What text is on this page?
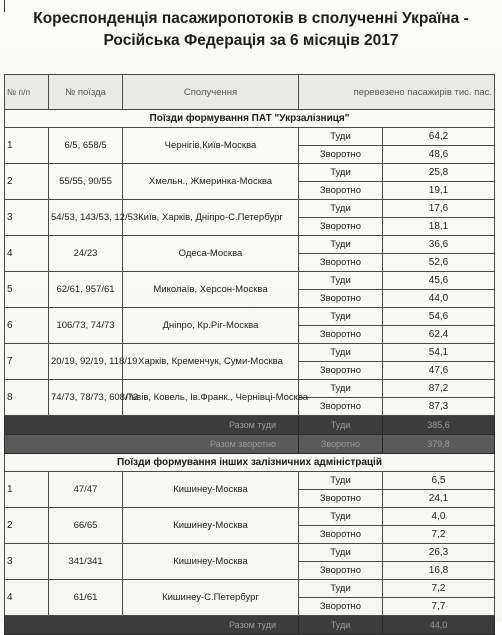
Кореспонденція пасажиропотоків в сполученні Україна -
Російська Федерація за 6 місяців 2017
№ п/п	№ поїзда	Сполучення	перевезено пасажирів тис. пас.	
Поїзди формування ПАТ "Укрзалізниця"				
1	6/5, 658/5	Чернігів,Київ-Москва	Туди	64,2
			Зворотно	48,6
2	55/55, 90/55	Хмельн., Жмеринка-Москва	Туди	25,8
			Зворотно	19,1
3	54/53, 143/53, 12/53	Київ, Харків, Дніпро-С.Петербург	Туди	17,6
			Зворотно	18,1
4	24/23	Одеса-Москва	Туди	36,6
			Зворотно	52,6
5	62/61, 957/61	Миколаїв, Херсон-Москва	Туди	45,6
			Зворотно	44,0
6	106/73, 74/73	Дніпро, Кр.Ріг-Москва	Туди	54,6
			Зворотно	62,4
7	20/19, 92/19, 118/19	Харків, Кременчук, Суми-Москва	Туди	54,1
			Зворотно	47,6
8	74/73, 78/73, 608/73	Львів, Ковель, Ів.Франк., Чернівці-Москва	Туди	87,2
			Зворотно	87,3
Разом туди			Туди	385,6
Разом зворотно			Зворотно	379,8
Поїзди формування інших залізничних адміністрацій				
1	47/47	Кишинеу-Москва	Туди	6,5
			Зворотно	24,1
2	66/65	Кишинеу-Москва	Туди	4,0
			Зворотно	7,2
3	341/341	Кишинеу-Москва	Туди	26,3
			Зворотно	16,8
4	61/61	Кишинеу-С.Петербург	Туди	7,2
			Зворотно	7,7
Разом туди			Туди	44,0
